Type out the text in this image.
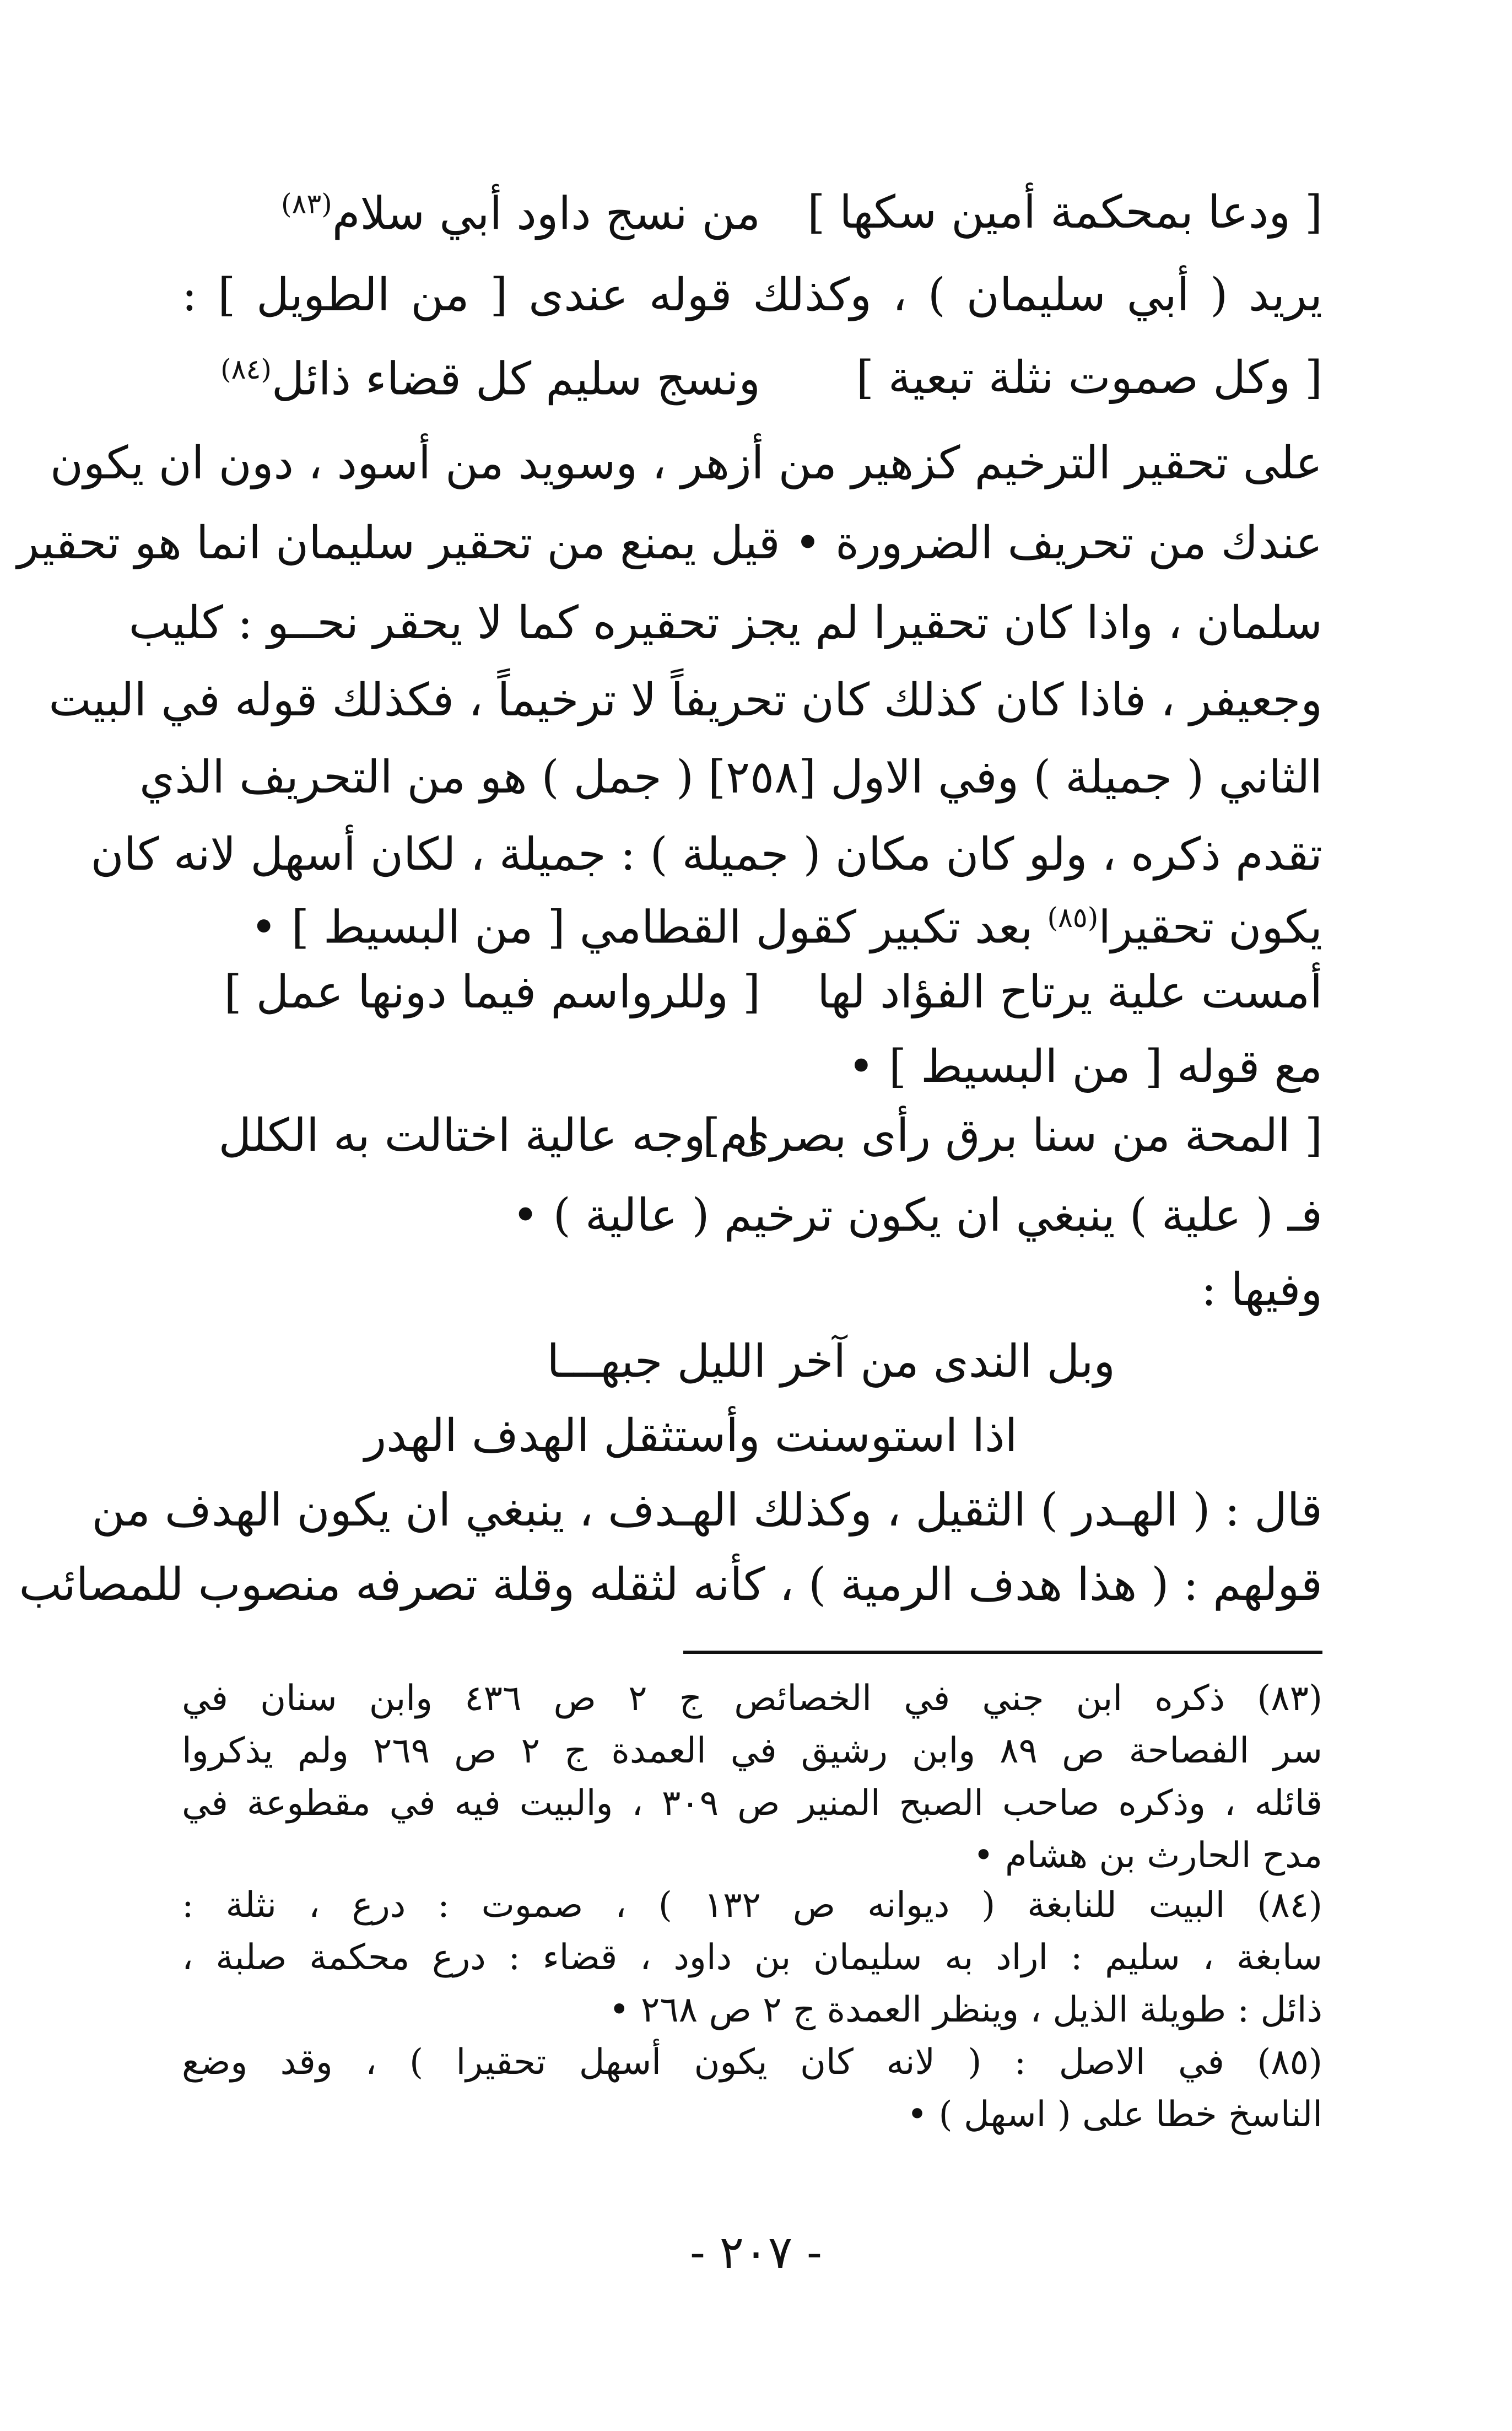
[ ودعا بمحكمة أمين سكها ]
من نسج داود أبي سلام$^{(٨٣)}$
يريد ( أبي سليمان ) ، وكذلك قوله عندى [ من الطويل ] :
[ وكل صموت نثلة تبعية ]
ونسج سليم كل قضاء ذائل$^{(٨٤)}$
على تحقير الترخيم كزهير من أزهر ، وسويد من أسود ، دون ان يكون
عندك من تحريف الضرورة • قيل يمنع من تحقير سليمان انما هو تحقير
سلمان ، واذا كان تحقيرا لم يجز تحقيره كما لا يحقر نحــو : كليب
وجعيفر ، فاذا كان كذلك كان تحريفاً لا ترخيماً ، فكذلك قوله في البيت
الثاني ( جميلة ) وفي الاول [٢٥٨] ( جمل ) هو من التحريف الذي
تقدم ذكره ، ولو كان مكان ( جميلة ) : جميلة ، لكان أسهل لانه كان
يكون تحقيرا$^{(٨٥)}$ بعد تكبير كقول القطامي [ من البسيط ] •
أمست علية يرتاح الفؤاد لها
[ وللرواسم فيما دونها عمل ]
مع قوله [ من البسيط ] •
[ المحة من سنا برق رأى بصرى ]
ام وجه عالية اختالت به الكلل
فـ ( علية ) ينبغي ان يكون ترخيم ( عالية ) •
وفيها :
وبل الندى من آخر الليل جبهـــا
اذا استوسنت وأستثقل الهدف الهدر
قال : ( الهـدر ) الثقيل ، وكذلك الهـدف ، ينبغي ان يكون الهدف من
قولهم : ( هذا هدف الرمية ) ، كأنه لثقله وقلة تصرفه منصوب للمصائب
(٨٣) ذكره ابن جني في الخصائص ج ٢ ص ٤٣٦ وابن سنان في
سر الفصاحة ص ٨٩ وابن رشيق في العمدة ج ٢ ص ٢٦٩ ولم يذكروا
قائله ، وذكره صاحب الصبح المنير ص ٣٠٩ ، والبيت فيه في مقطوعة في
مدح الحارث بن هشام •
(٨٤) البيت للنابغة ( ديوانه ص ١٣٢ ) ، صموت : درع ، نثلة :
سابغة ، سليم : اراد به سليمان بن داود ، قضاء : درع محكمة صلبة ،
ذائل : طويلة الذيل ، وينظر العمدة ج ٢ ص ٢٦٨ •
(٨٥) في الاصل : ( لانه كان يكون أسهل تحقيرا ) ، وقد وضع
الناسخ خطا على ( اسهل ) •
- ٢٠٧ -
